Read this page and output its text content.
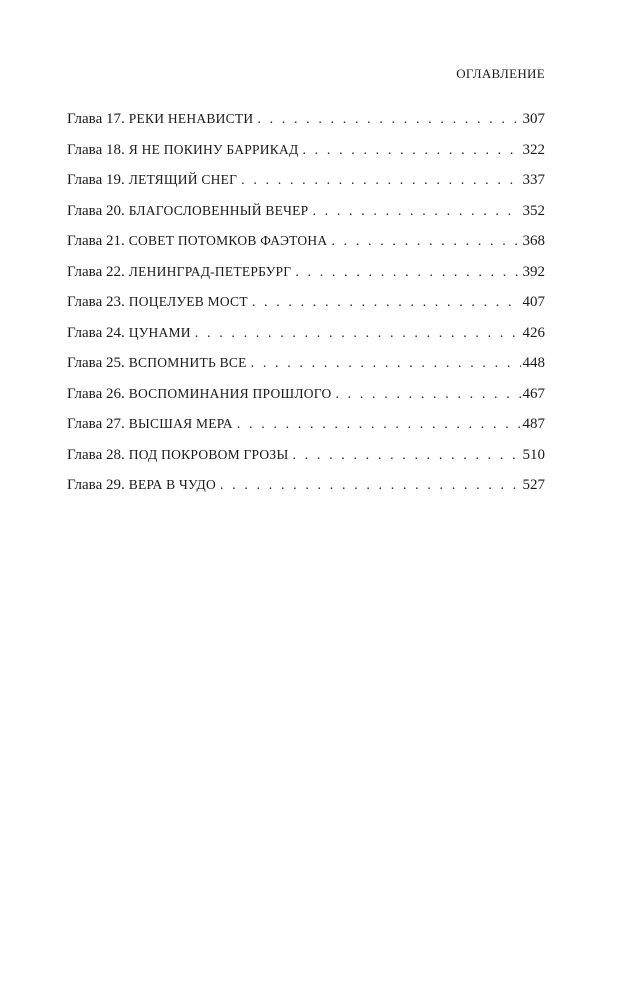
ОГЛАВЛЕНИЕ
Глава 17. РЕКИ НЕНАВИСТИ . . .	307
Глава 18. Я НЕ ПОКИНУ БАРРИКАД . . .	322
Глава 19. ЛЕТЯЩИЙ СНЕГ . . .	337
Глава 20. БЛАГОСЛОВЕННЫЙ ВЕЧЕР . . .	352
Глава 21. СОВЕТ ПОТОМКОВ ФАЭТОНА . . .	368
Глава 22. ЛЕНИНГРАД-ПЕТЕРБУРГ . . .	392
Глава 23. ПОЦЕЛУЕВ МОСТ . . .	407
Глава 24. ЦУНАМИ . . .	426
Глава 25. ВСПОМНИТЬ ВСЕ . . .	448
Глава 26. ВОСПОМИНАНИЯ ПРОШЛОГО . . .	467
Глава 27. ВЫСШАЯ МЕРА . . .	487
Глава 28. ПОД ПОКРОВОМ ГРОЗЫ . . .	510
Глава 29. ВЕРА В ЧУДО . . .	527
